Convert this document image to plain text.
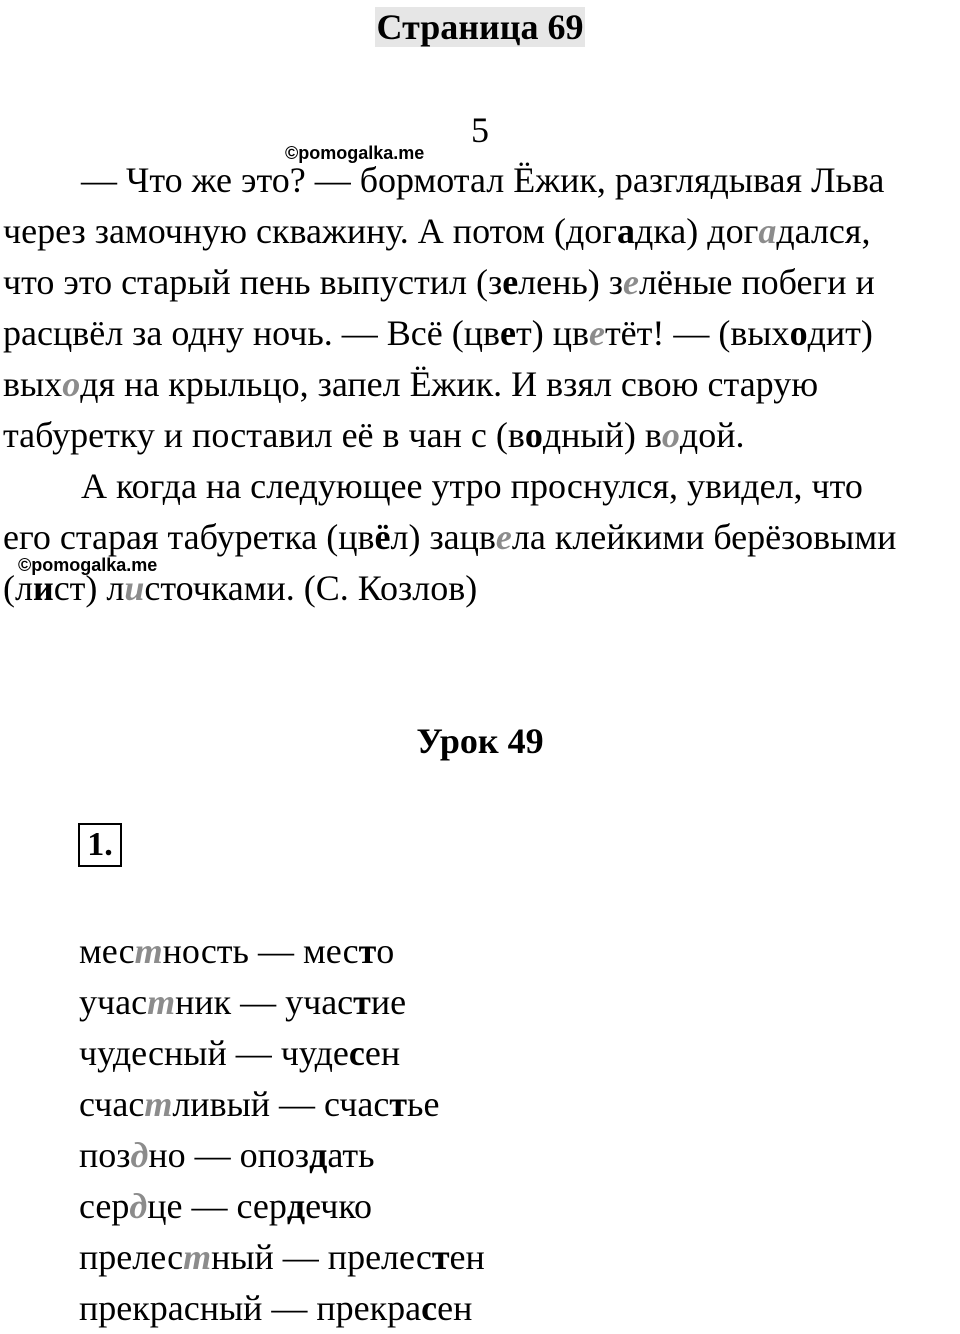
Страница 69
5
©pomogalka.me
— Что же это? — бормотал Ёжик, разглядывая Льва
через замочную скважину. А потом (догадка) догадался,
что это старый пень выпустил (зелень) зелёные побеги и
расцвёл за одну ночь. — Всё (цвет) цветёт! — (выходит)
выходя на крыльцо, запел Ёжик. И взял свою старую
табуретку и поставил её в чан с (водный) водой.
А когда на следующее утро проснулся, увидел, что
его старая табуретка (цвёл) зацвела клейкими берёзовыми
(лист) листочками. (С. Козлов)
©pomogalka.me
Урок 49
1.
местность — место
участник — участие
чудесный — чудесен
счастливый — счастье
поздно — опоздать
сердце — сердечко
прелестный — прелестен
прекрасный — прекрасен
